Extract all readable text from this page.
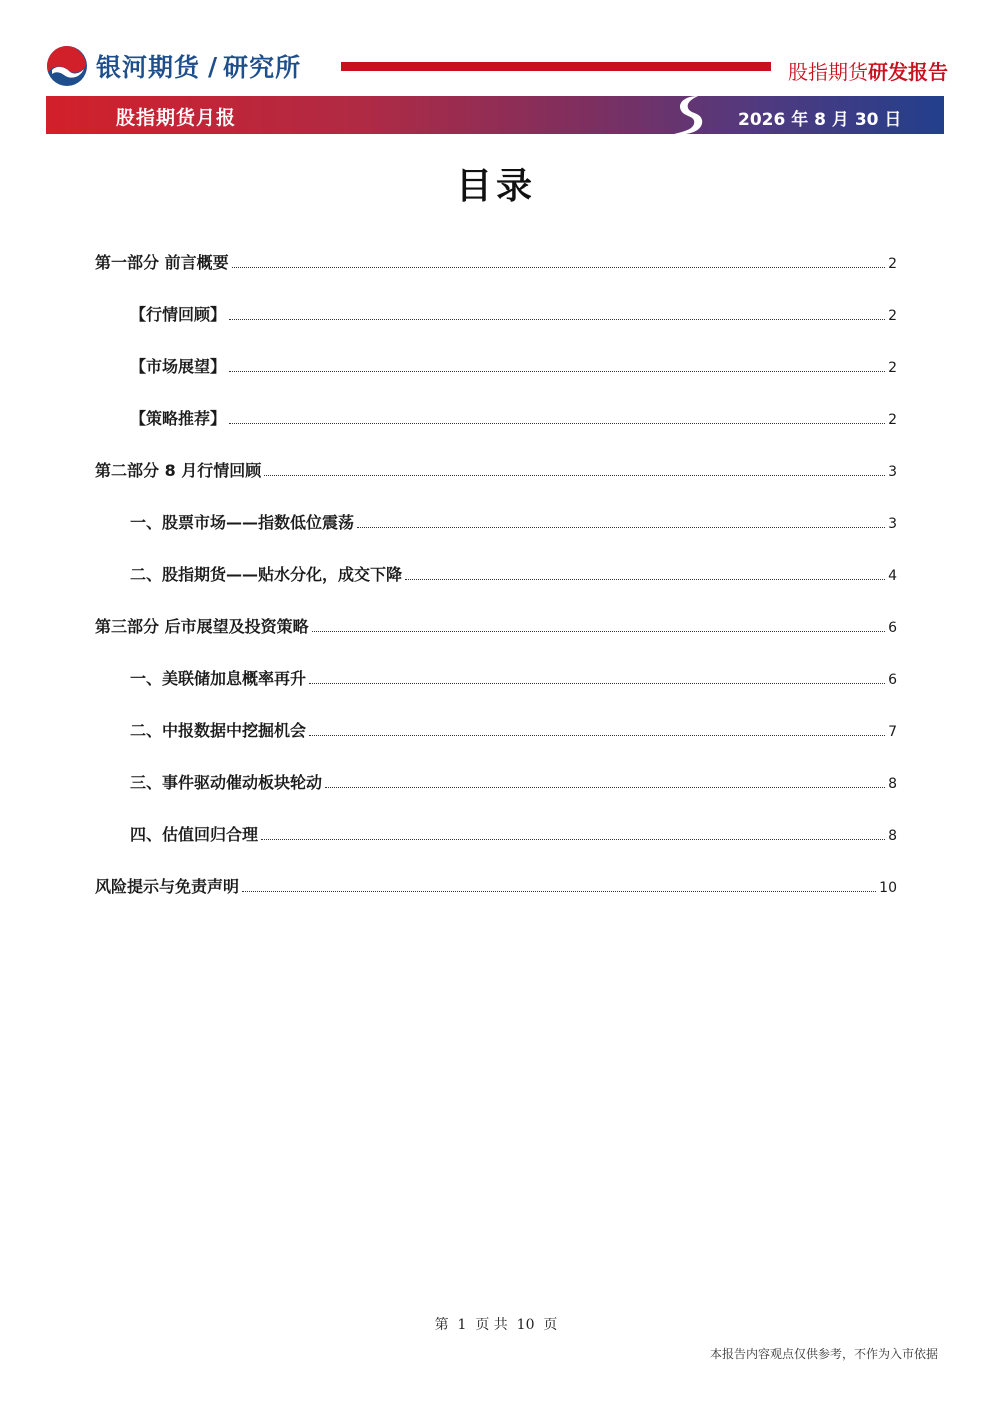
银河期货 / 研究所	股指期货研发报告
股指期货月报	2026 年 8 月 30 日
目录
第一部分 前言概要	2
【行情回顾】	2
【市场展望】	2
【策略推荐】	2
第二部分 8 月行情回顾	3
一、股票市场——指数低位震荡	3
二、股指期货——贴水分化，成交下降	4
第三部分 后市展望及投资策略	6
一、美联储加息概率再升	6
二、中报数据中挖掘机会	7
三、事件驱动催动板块轮动	8
四、估值回归合理	8
风险提示与免责声明	10
第  1  页 共  10  页
本报告内容观点仅供参考，不作为入市依据
